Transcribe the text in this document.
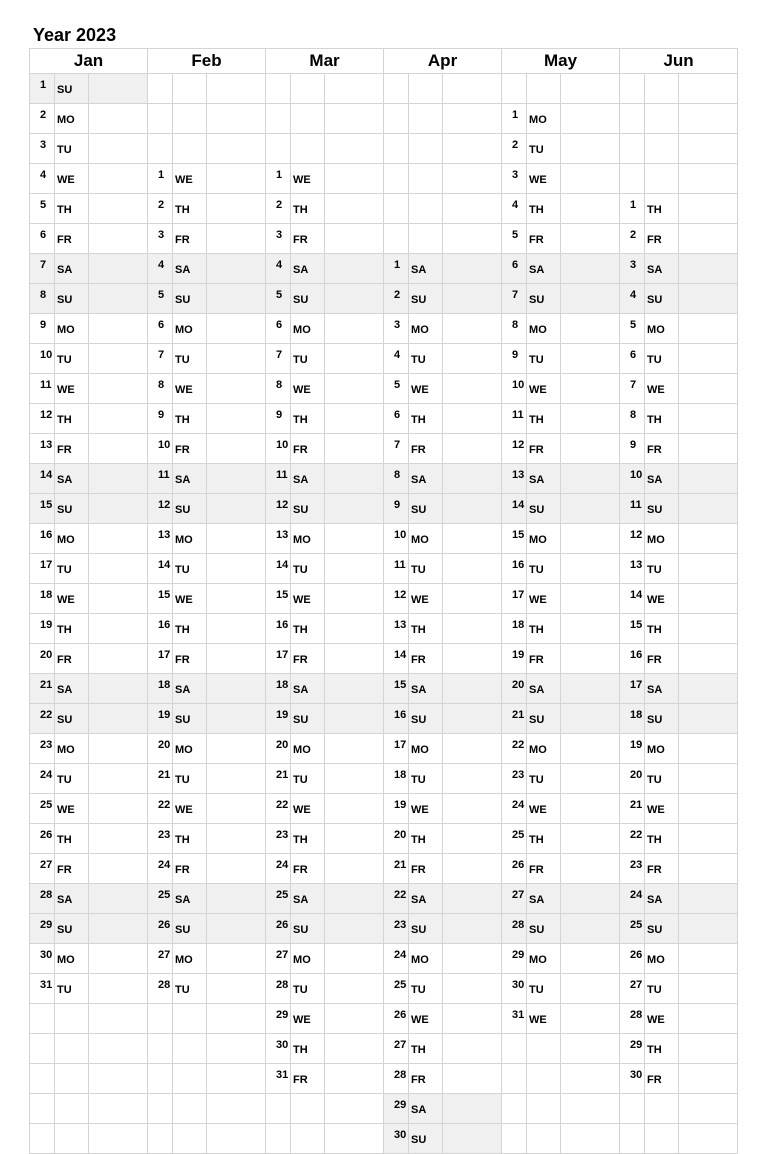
Year 2023
Jan			Feb			Mar			Apr			May			Jun		
1	SU																
2	MO											1	MO				
3	TU											2	TU				
4	WE		1	WE		1	WE					3	WE				
5	TH		2	TH		2	TH					4	TH		1	TH	
6	FR		3	FR		3	FR					5	FR		2	FR	
7	SA		4	SA		4	SA		1	SA		6	SA		3	SA	
8	SU		5	SU		5	SU		2	SU		7	SU		4	SU	
9	MO		6	MO		6	MO		3	MO		8	MO		5	MO	
10	TU		7	TU		7	TU		4	TU		9	TU		6	TU	
11	WE		8	WE		8	WE		5	WE		10	WE		7	WE	
12	TH		9	TH		9	TH		6	TH		11	TH		8	TH	
13	FR		10	FR		10	FR		7	FR		12	FR		9	FR	
14	SA		11	SA		11	SA		8	SA		13	SA		10	SA	
15	SU		12	SU		12	SU		9	SU		14	SU		11	SU	
16	MO		13	MO		13	MO		10	MO		15	MO		12	MO	
17	TU		14	TU		14	TU		11	TU		16	TU		13	TU	
18	WE		15	WE		15	WE		12	WE		17	WE		14	WE	
19	TH		16	TH		16	TH		13	TH		18	TH		15	TH	
20	FR		17	FR		17	FR		14	FR		19	FR		16	FR	
21	SA		18	SA		18	SA		15	SA		20	SA		17	SA	
22	SU		19	SU		19	SU		16	SU		21	SU		18	SU	
23	MO		20	MO		20	MO		17	MO		22	MO		19	MO	
24	TU		21	TU		21	TU		18	TU		23	TU		20	TU	
25	WE		22	WE		22	WE		19	WE		24	WE		21	WE	
26	TH		23	TH		23	TH		20	TH		25	TH		22	TH	
27	FR		24	FR		24	FR		21	FR		26	FR		23	FR	
28	SA		25	SA		25	SA		22	SA		27	SA		24	SA	
29	SU		26	SU		26	SU		23	SU		28	SU		25	SU	
30	MO		27	MO		27	MO		24	MO		29	MO		26	MO	
31	TU		28	TU		28	TU		25	TU		30	TU		27	TU	
						29	WE		26	WE		31	WE		28	WE	
						30	TH		27	TH					29	TH	
						31	FR		28	FR					30	FR	
									29	SA							
									30	SU							
